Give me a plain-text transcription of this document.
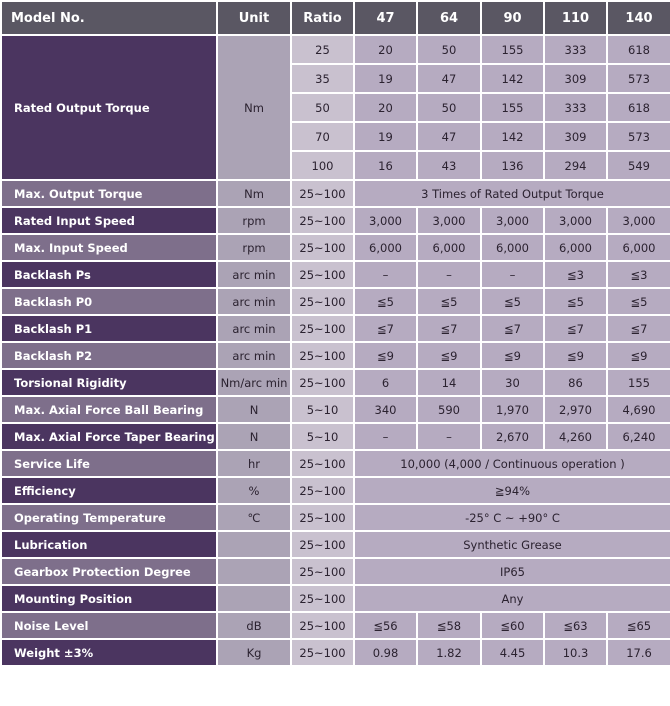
Model No.	Unit	Ratio	47	64	90	110	140
Rated Output Torque	Nm	25	20	50	155	333	618
		35	19	47	142	309	573
		50	20	50	155	333	618
		70	19	47	142	309	573
		100	16	43	136	294	549
Max. Output Torque	Nm	25~100	3 Times of Rated Output Torque				
Rated Input Speed	rpm	25~100	3,000	3,000	3,000	3,000	3,000
Max. Input Speed	rpm	25~100	6,000	6,000	6,000	6,000	6,000
Backlash Ps	arc min	25~100	–	–	–	≦3	≦3
Backlash P0	arc min	25~100	≦5	≦5	≦5	≦5	≦5
Backlash P1	arc min	25~100	≦7	≦7	≦7	≦7	≦7
Backlash P2	arc min	25~100	≦9	≦9	≦9	≦9	≦9
Torsional Rigidity	Nm/arc min	25~100	6	14	30	86	155
Max. Axial Force Ball Bearing	N	5~10	340	590	1,970	2,970	4,690
Max. Axial Force Taper Bearing	N	5~10	–	–	2,670	4,260	6,240
Service Life	hr	25~100	10,000 (4,000 / Continuous operation )				
Efficiency	%	25~100	≧94%				
Operating Temperature	℃	25~100	-25° C ~ +90° C				
Lubrication		25~100	Synthetic Grease				
Gearbox Protection Degree		25~100	IP65				
Mounting Position		25~100	Any				
Noise Level	dB	25~100	≦56	≦58	≦60	≦63	≦65
Weight ±3%	Kg	25~100	0.98	1.82	4.45	10.3	17.6
